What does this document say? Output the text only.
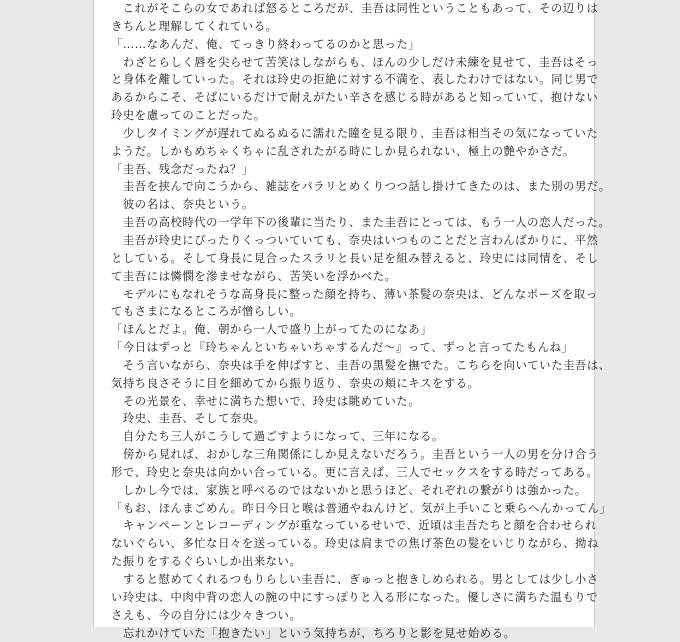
　これがそこらの女であれば怒るところだが、圭吾は同性ということもあって、その辺りは
きちんと理解してくれている。
「……なあんだ、俺、てっきり終わってるのかと思った」
　わざとらしく唇を尖らせて苦笑はしながらも、ほんの少しだけ未練を見せて、圭吾はそっ
と身体を離していった。それは玲史の拒絶に対する不満を、表したわけではない。同じ男で
あるからこそ、そばにいるだけで耐えがたい辛さを感じる時があると知っていて、抱けない
玲史を慮ってのことだった。
　少しタイミングが遅れてぬるぬるに濡れた瞳を見る限り、圭吾は相当その気になっていた
ようだ。しかもめちゃくちゃに乱されたがる時にしか見られない、極上の艶やかさだ。
「圭吾、残念だったね？」
　圭吾を挟んで向こうから、雑誌をパラリとめくりつつ話し掛けてきたのは、また別の男だ。
　彼の名は、奈央という。
　圭吾の高校時代の一学年下の後輩に当たり、また圭吾にとっては、もう一人の恋人だった。
　圭吾が玲史にぴったりくっついていても、奈央はいつものことだと言わんばかりに、平然
としている。そして身長に見合ったスラリと長い足を組み替えると、玲史には同情を、そし
て圭吾には憐憫を滲ませながら、苦笑いを浮かべた。
　モデルにもなれそうな高身長に整った顔を持ち、薄い茶髪の奈央は、どんなポーズを取っ
てもさまになるところが憎らしい。
「ほんとだよ。俺、朝から一人で盛り上がってたのになあ」
「今日はずっと『玲ちゃんといちゃいちゃするんだ～』って、ずっと言ってたもんね」
　そう言いながら、奈央は手を伸ばすと、圭吾の黒髪を撫でた。こちらを向いていた圭吾は、
気持ち良さそうに目を細めてから振り返り、奈央の頬にキスをする。
　その光景を、幸せに満ちた想いで、玲史は眺めていた。
　玲史、圭吾、そして奈央。
　自分たち三人がこうして過ごすようになって、三年になる。
　傍から見れば、おかしな三角関係にしか見えないだろう。圭吾という一人の男を分け合う
形で、玲史と奈央は向かい合っている。更に言えば、三人でセックスをする時だってある。
　しかし今では、家族と呼べるのではないかと思うほど、それぞれの繋がりは強かった。
「もお、ほんまごめん。昨日今日と喉は普通やねんけど、気が上手いこと乗らへんかってん」
　キャンペーンとレコーディングが重なっているせいで、近頃は圭吾たちと顔を合わせられ
ないぐらい、多忙な日々を送っている。玲史は肩までの焦げ茶色の髪をいじりながら、拗ね
た振りをするぐらいしか出来ない。
　すると慰めてくれるつもりらしい圭吾に、ぎゅっと抱きしめられる。男としては少し小さ
い玲史は、中肉中背の恋人の腕の中にすっぽりと入る形になった。優しさに満ちた温もりで
さえも、今の自分には少々きつい。
　忘れかけていた「抱きたい」という気持ちが、ちろりと影を見せ始める。
